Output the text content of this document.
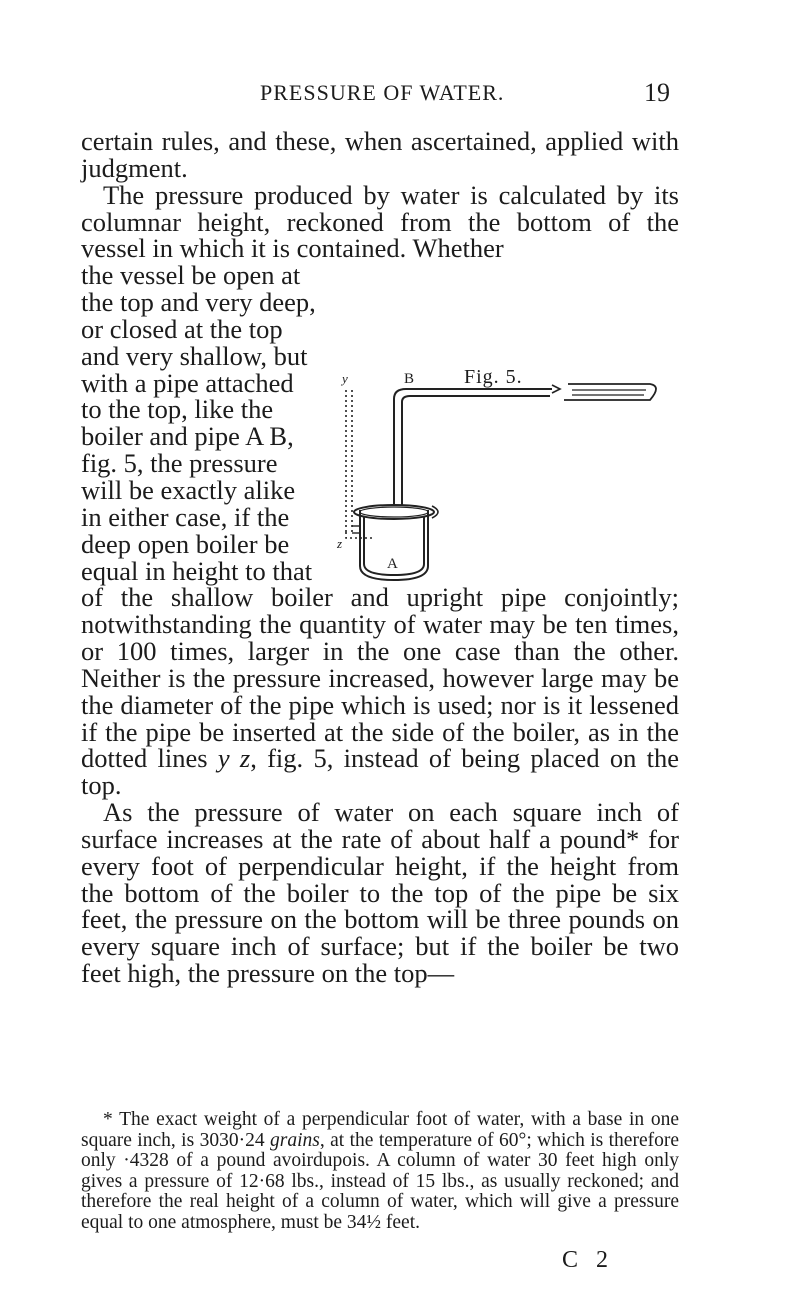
PRESSURE OF WATER.	19

certain rules, and these, when ascertained, applied with judgment.

The pressure produced by water is calculated by its columnar height, reckoned from the bottom of the vessel in which it is contained. Whether

the vessel be open at
the top and very deep,
or closed at the top
and very shallow, but
with a pipe attached
to the top, like the
boiler and pipe A B,
fig. 5, the pressure
will be exactly alike
in either case, if the
deep open boiler be
equal in height to that

of the shallow boiler and upright pipe conjointly; notwithstanding the quantity of water may be ten times, or 100 times, larger in the one case than the other. Neither is the pressure increased, however large may be the diameter of the pipe which is used; nor is it lessened if the pipe be inserted at the side of the boiler, as in the dotted lines y z, fig. 5, instead of being placed on the top.

As the pressure of water on each square inch of surface increases at the rate of about half a pound* for every foot of perpendicular height, if the height from the bottom of the boiler to the top of the pipe be six feet, the pressure on the bottom will be three pounds on every square inch of surface; but if the boiler be two feet high, the pressure on the top—

Fig. 5.
B
A
y
z

* The exact weight of a perpendicular foot of water, with a base in one square inch, is 3030·24 grains, at the temperature of 60°; which is therefore only ·4328 of a pound avoirdupois. A column of water 30 feet high only gives a pressure of 12·68 lbs., instead of 15 lbs., as usually reckoned; and therefore the real height of a column of water, which will give a pressure equal to one atmosphere, must be 34½ feet.

C 2
